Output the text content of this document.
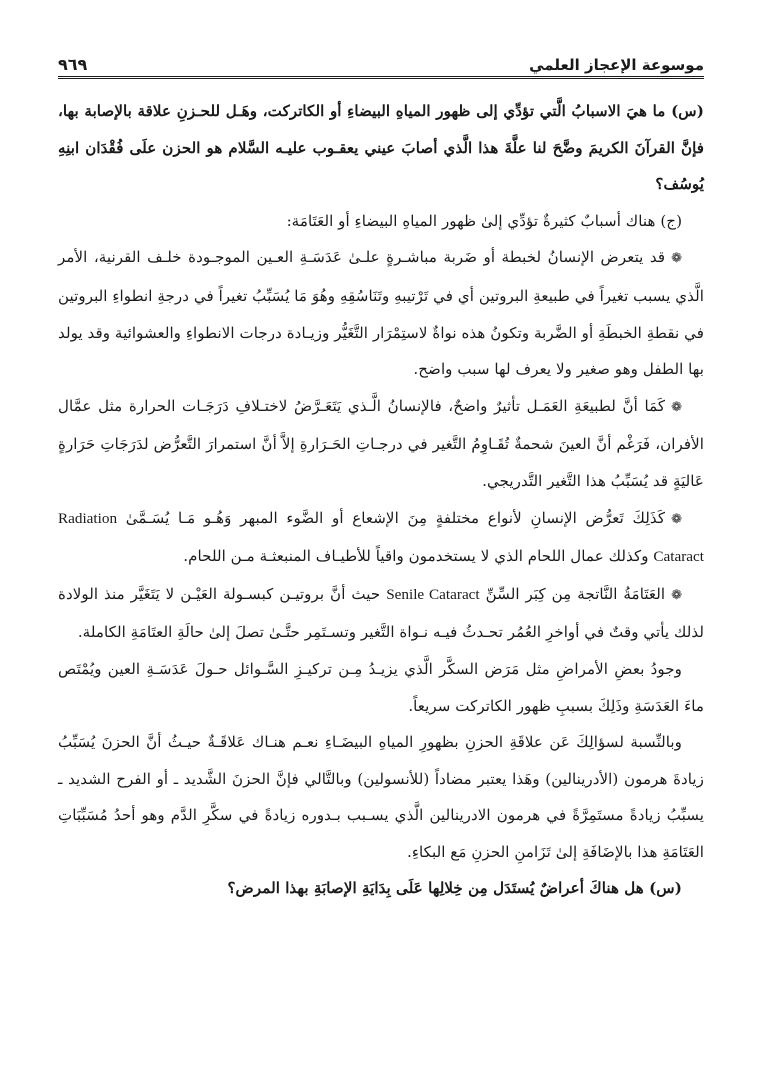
موسوعة الإعجاز العلمي
٩٦٩

(س) ما هيَ الاسبابُ الَّتي تؤدِّي إلى ظهور المياهِ البيضاءِ أو الكاتركت، وهَـل للحـزنِ علاقة بالإصابة بها، فإنَّ القرآنَ الكريمَ وضَّحَ لنا علَّةَ هذا الَّذي أصابَ عيني يعقـوب عليـه السَّلام هو الحزن علَى فُقْدَان ابنِهِ يُوسُف؟

(ج) هناك أسبابٌ كثيرةٌ تؤدِّي إلىٰ ظهور المياهِ البيضاءِ أو العَتَامَة:

❁قد يتعرض الإنسانُ لخبطة أو ضَربة مباشـرةٍ علـىٰ عَدَسَـةِ العـين الموجـودة خلـف القرنية، الأمر الَّذي يسبب تغيراً في طبيعةِ البروتين أي في تَرْتيبهِ وتَنَاسُقِهِ وهُوَ مَا يُسَبِّبُ تغيراً في درجةِ انطواءِ البروتين في نقطةِ الخبطَةِ أو الضَّربة وتكونُ هذه نواةٌ لاستِمْرَار التَّغَيُّر وزيـادة درجات الانطواءِ والعشوائية وقد يولد بها الطفل وهو صغير ولا يعرف لها سبب واضح.

❁كَمَا أنَّ لطبيعَةِ العَمَـل تأثيرٌ واضحٌ، فالإنسانُ الَّـذي يَتَعَـرَّضُ لاختـلافِ دَرَجَـات الحرارة مثل عمَّال الأفران، فَرَغْم أنَّ العينَ شحمةٌ تُقَـاوِمُ التَّغير في درجـاتِ الحَـرَارةِ إلاَّ أنَّ استمرارَ التَّعرُّض لدَرَجَاتِ حَرَارةٍ عَاليَةٍ قد يُسَبِّبُ هذا التَّغير التَّدريجي.

❁كَذَلِكَ تَعرُّض الإنسانِ لأنواع مختلفةٍ مِنَ الإشعاع أو الضَّوء المبهر وَهُـو مَـا يُسَـمَّىٰ Radiation Cataract وكذلك عمال اللحام الذي لا يستخدمون واقياً للأطيـاف المنبعثـة مـن اللحام.

❁العَتَامَةُ النَّاتجة مِن كِبَر السِّنِّ Senile Cataract حيث أنَّ بروتيـن كبسـولة العَيْـن لا يَتَغَيَّر منذ الولادة لذلك يأتي وقتٌ في أواخرِ العُمُر تحـدثُ فيـه نـواة التَّغير وتسـتَمِر حتَّـىٰ تصلَ إلىٰ حالَةِ العتَامَةِ الكاملة.

وجودُ بعضِ الأمراضِ مثل مَرَض السكَّر الَّذي يزيـدُ مِـن تركيـزِ السَّـوائل حـولَ عَدَسَـةِ العين ويُمْتَص ماءَ العَدَسَةِ وذَلِكَ بسببِ ظهور الكاتركت سريعاً.

وبالنِّسبة لسؤالِكَ عَن علاقَةِ الحزنِ بظهورِ المياهِ البيضَـاءِ نعـم هنـاك عَلاقَـةٌ حيـثُ أنَّ الحزنَ يُسَبِّبُ زيادةَ هرمون (الأدرينالين) وهَذا يعتبر مضاداً (للأنسولين) وبالتَّالي فإنَّ الحزنَ الشَّديد ـ أو الفرح الشديد ـ يسبِّبُ زيادةً مستَمِرَّةً في هرمون الادرينالين الَّذي يسـبب بـدوره زيادةً في سكَّرِ الدَّم وهو أحدُ مُسَبِّبَاتِ العَتَامَةِ هذا بالإضَافَةِ إلىٰ تَزَامنِ الحزنِ مَع البكاءِ.

(س) هل هناكَ أعراضٌ يُستَدَل مِن خِلالِها عَلَى بِدَايَةِ الإصابَةِ بهذا المرض؟
